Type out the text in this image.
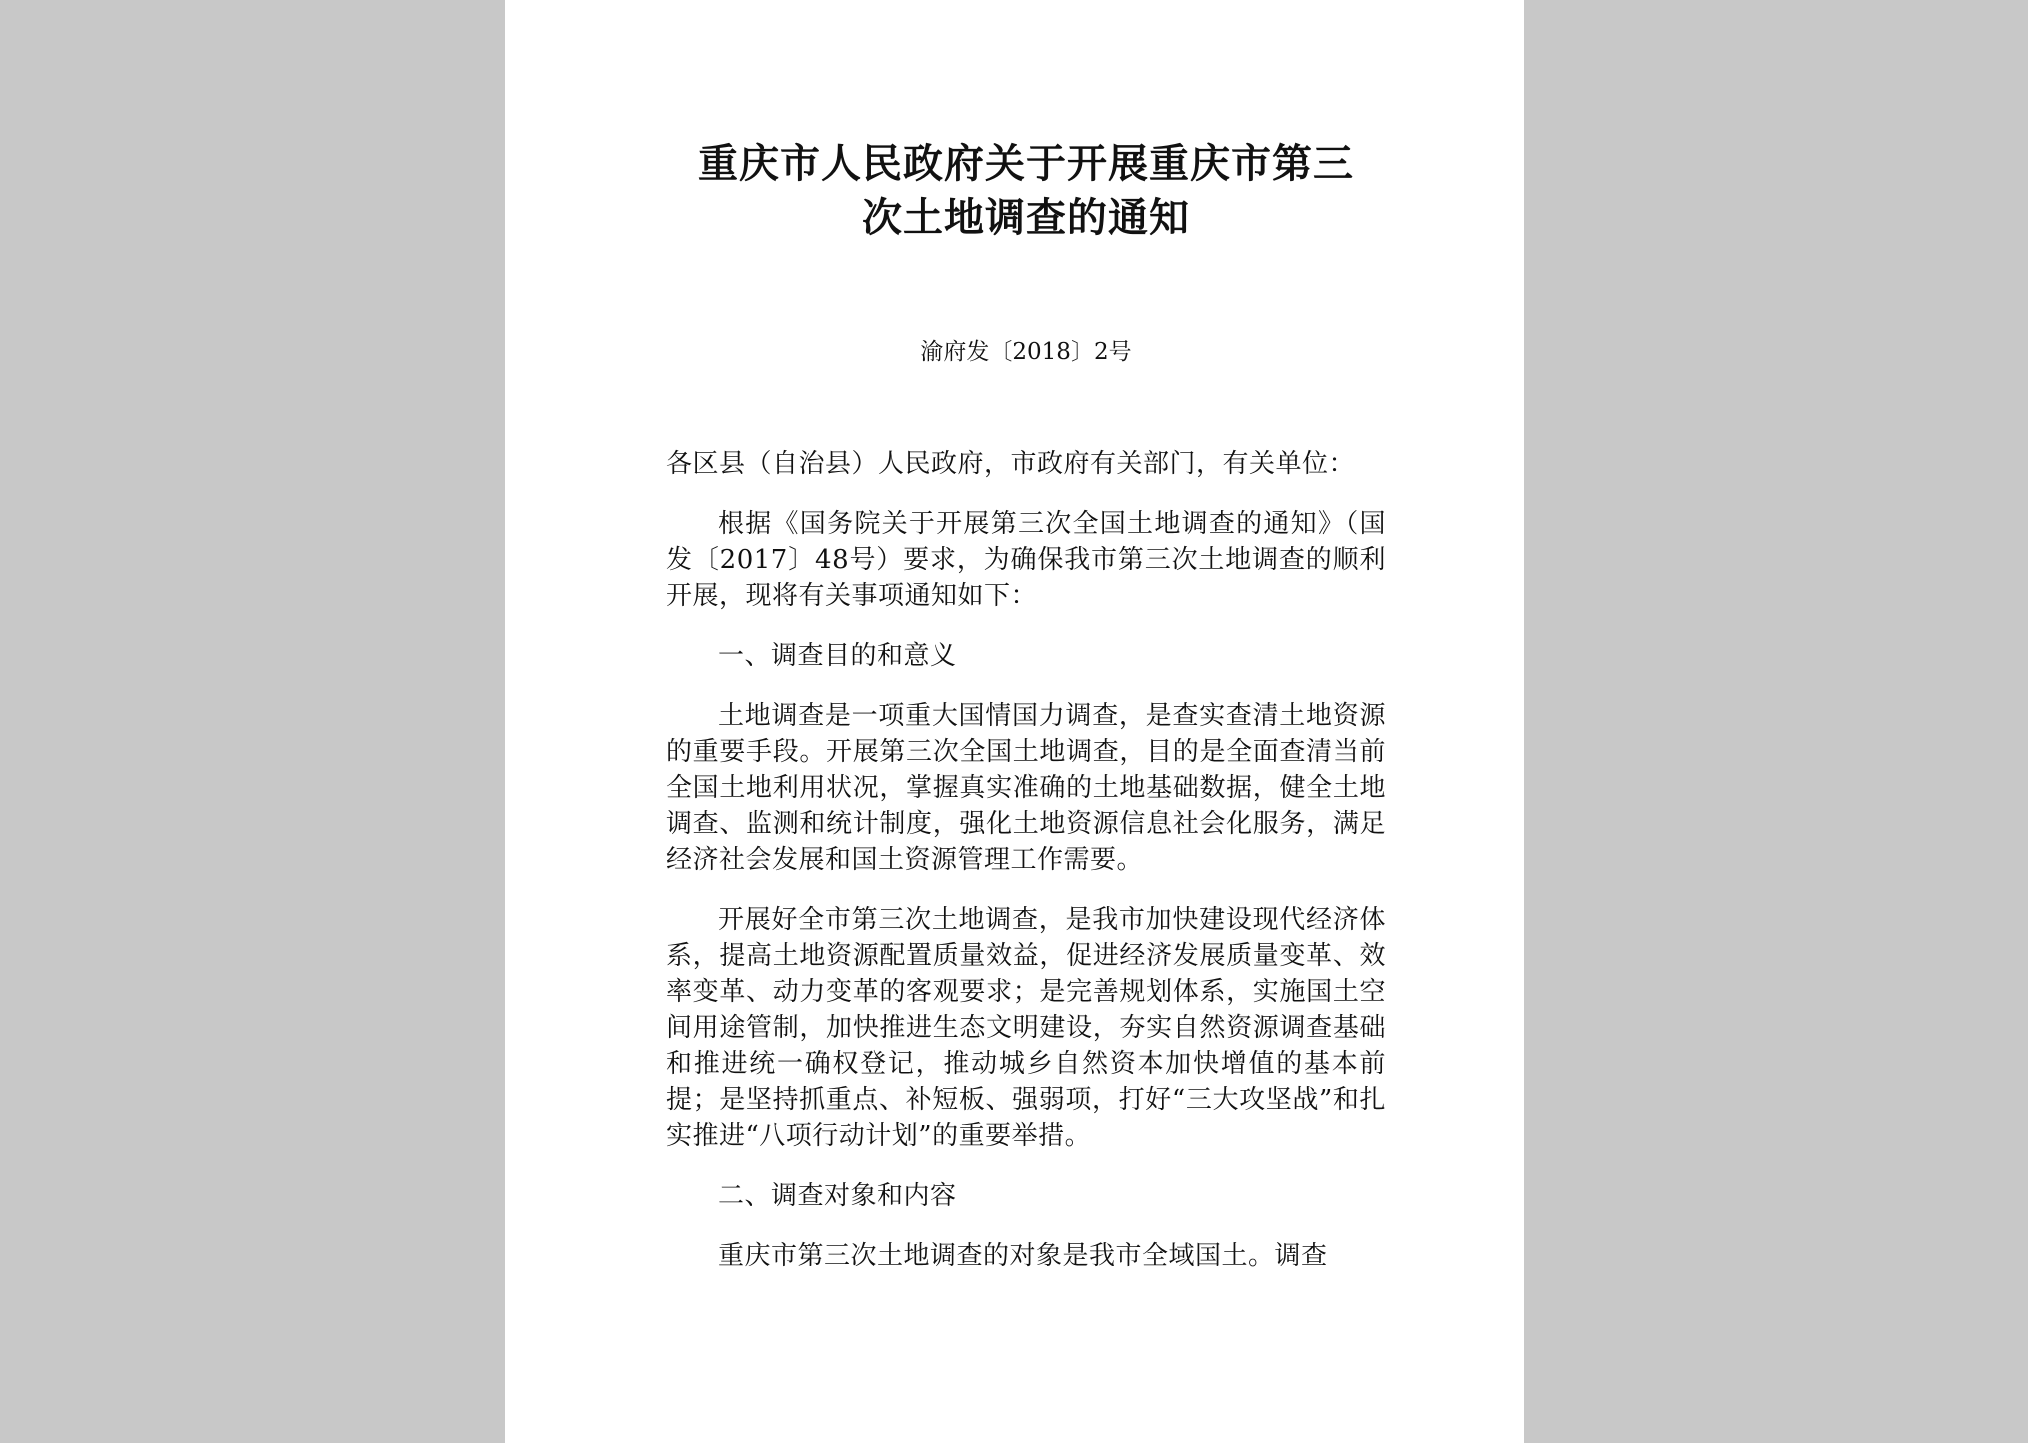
重庆市人民政府关于开展重庆市第三
次土地调查的通知
渝府发〔2018〕2号

各区县（自治县）人民政府，市政府有关部门，有关单位：

根据《国务院关于开展第三次全国土地调查的通知》（国发〔2017〕48号）要求，为确保我市第三次土地调查的顺利开展，现将有关事项通知如下：

一、调查目的和意义

土地调查是一项重大国情国力调查，是查实查清土地资源的重要手段。开展第三次全国土地调查，目的是全面查清当前全国土地利用状况，掌握真实准确的土地基础数据，健全土地调查、监测和统计制度，强化土地资源信息社会化服务，满足经济社会发展和国土资源管理工作需要。

开展好全市第三次土地调查，是我市加快建设现代经济体系，提高土地资源配置质量效益，促进经济发展质量变革、效率变革、动力变革的客观要求；是完善规划体系，实施国土空间用途管制，加快推进生态文明建设，夯实自然资源调查基础和推进统一确权登记，推动城乡自然资本加快增值的基本前提；是坚持抓重点、补短板、强弱项，打好“三大攻坚战”和扎实推进“八项行动计划”的重要举措。

二、调查对象和内容

重庆市第三次土地调查的对象是我市全域国土。调查
